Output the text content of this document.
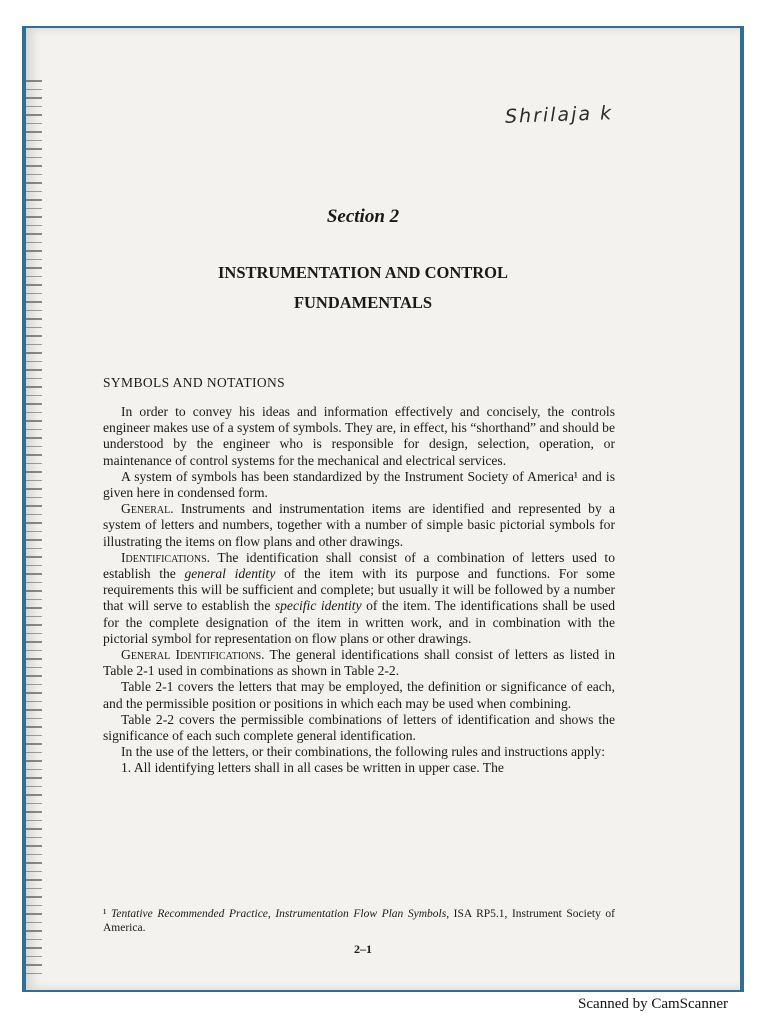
Shrilaja k
Section 2
INSTRUMENTATION AND CONTROL
FUNDAMENTALS
SYMBOLS AND NOTATIONS

In order to convey his ideas and information effectively and concisely, the controls engineer makes use of a system of symbols. They are, in effect, his “shorthand” and should be understood by the engineer who is responsible for design, selection, operation, or maintenance of control systems for the mechanical and electrical services.

A system of symbols has been standardized by the Instrument Society of America¹ and is given here in condensed form.

General. Instruments and instrumentation items are identified and represented by a system of letters and numbers, together with a number of simple basic pictorial symbols for illustrating the items on flow plans and other drawings.

Identifications. The identification shall consist of a combination of letters used to establish the general identity of the item with its purpose and functions. For some requirements this will be sufficient and complete; but usually it will be followed by a number that will serve to establish the specific identity of the item. The identifications shall be used for the complete designation of the item in written work, and in combination with the pictorial symbol for representation on flow plans or other drawings.

General Identifications. The general identifications shall consist of letters as listed in Table 2-1 used in combinations as shown in Table 2-2.

Table 2-1 covers the letters that may be employed, the definition or significance of each, and the permissible position or positions in which each may be used when combining.

Table 2-2 covers the permissible combinations of letters of identification and shows the significance of each such complete general identification.

In the use of the letters, or their combinations, the following rules and instructions apply:

1. All identifying letters shall in all cases be written in upper case. The

¹ Tentative Recommended Practice, Instrumentation Flow Plan Symbols, ISA RP5.1, Instrument Society of America.
2–1
Scanned by CamScanner
